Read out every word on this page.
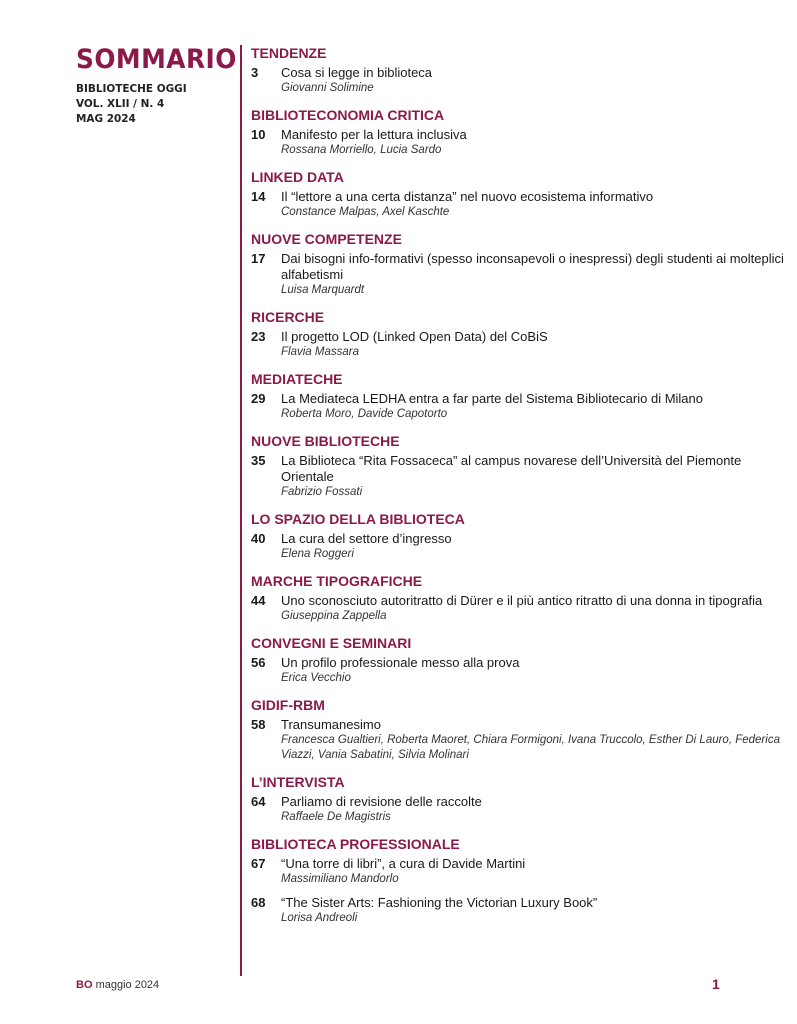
SOMMARIO
BIBLIOTECHE OGGI
VOL. XLII / N. 4
MAG 2024
TENDENZE
3	Cosa si legge in biblioteca
Giovanni Solimine
BIBLIOTECONOMIA CRITICA
10	Manifesto per la lettura inclusiva
Rossana Morriello, Lucia Sardo
LINKED DATA
14	Il “lettore a una certa distanza” nel nuovo ecosistema informativo
Constance Malpas, Axel Kaschte
NUOVE COMPETENZE
17	Dai bisogni info-formativi (spesso inconsapevoli o inespressi) degli studenti ai molteplici alfabetismi
Luisa Marquardt
RICERCHE
23	Il progetto LOD (Linked Open Data) del CoBiS
Flavia Massara
MEDIATECHE
29	La Mediateca LEDHA entra a far parte del Sistema Bibliotecario di Milano
Roberta Moro, Davide Capotorto
NUOVE BIBLIOTECHE
35	La Biblioteca “Rita Fossaceca” al campus novarese dell’Università del Piemonte Orientale
Fabrizio Fossati
LO SPAZIO DELLA BIBLIOTECA
40	La cura del settore d’ingresso
Elena Roggeri
MARCHE TIPOGRAFICHE
44	Uno sconosciuto autoritratto di Dürer e il più antico ritratto di una donna in tipografia
Giuseppina Zappella
CONVEGNI E SEMINARI
56	Un profilo professionale messo alla prova
Erica Vecchio
GIDIF-RBM
58	Transumanesimo
Francesca Gualtieri, Roberta Maoret, Chiara Formigoni, Ivana Truccolo, Esther Di Lauro, Federica Viazzi, Vania Sabatini, Silvia Molinari
L’INTERVISTA
64	Parliamo di revisione delle raccolte
Raffaele De Magistris
BIBLIOTECA PROFESSIONALE
67	“Una torre di libri”, a cura di Davide Martini
Massimiliano Mandorlo
68	“The Sister Arts: Fashioning the Victorian Luxury Book”
Lorisa Andreoli
BO maggio 2024	1
